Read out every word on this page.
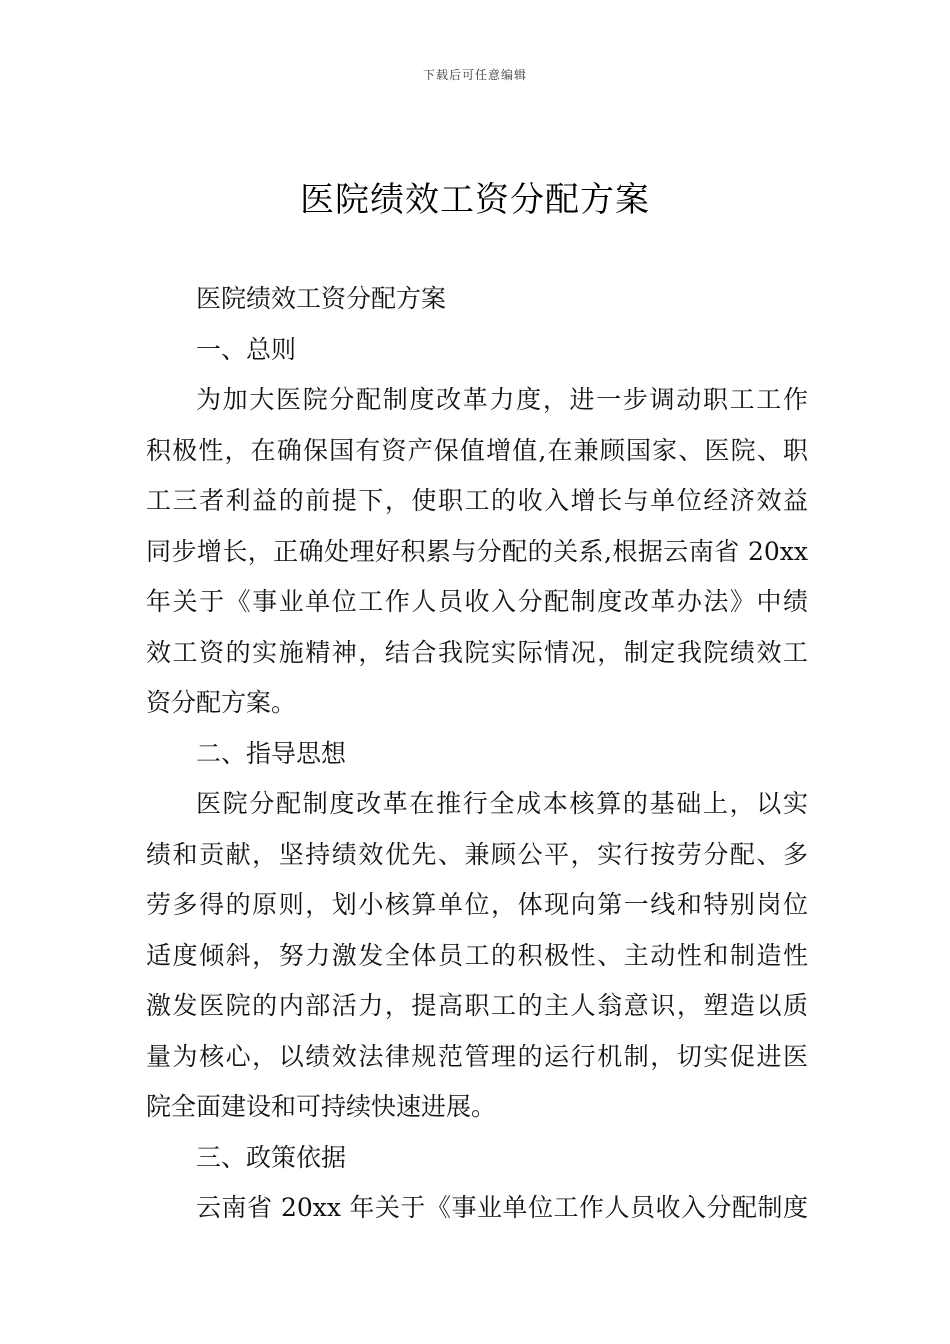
下载后可任意编辑
医院绩效工资分配方案
医院绩效工资分配方案
一、总则
为加大医院分配制度改革力度，进一步调动职工工作
积极性，在确保国有资产保值增值,在兼顾国家、医院、职
工三者利益的前提下，使职工的收入增长与单位经济效益
同步增长，正确处理好积累与分配的关系,根据云南省 20xx
年关于《事业单位工作人员收入分配制度改革办法》中绩
效工资的实施精神，结合我院实际情况，制定我院绩效工
资分配方案。
二、指导思想
医院分配制度改革在推行全成本核算的基础上，以实
绩和贡献，坚持绩效优先、兼顾公平，实行按劳分配、多
劳多得的原则，划小核算单位，体现向第一线和特别岗位
适度倾斜，努力激发全体员工的积极性、主动性和制造性
激发医院的内部活力，提高职工的主人翁意识，塑造以质
量为核心，以绩效法律规范管理的运行机制，切实促进医
院全面建设和可持续快速进展。
三、政策依据
云南省 20xx 年关于《事业单位工作人员收入分配制度
